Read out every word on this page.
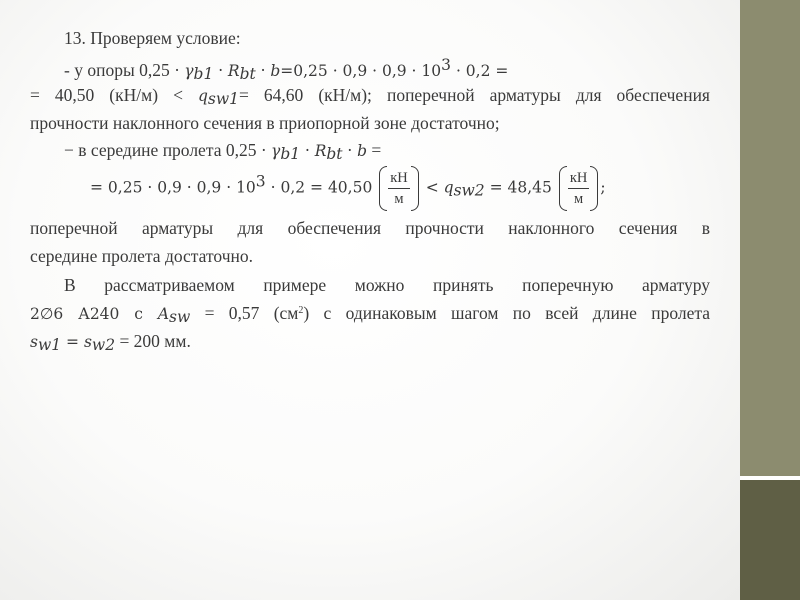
13. Проверяем условие:
- у опоры $0,25 \cdot \gamma_{b1} \cdot R_{bt} \cdot b=0,25 \cdot 0,9 \cdot 0,9 \cdot 10^3 \cdot 0,2$ =
= 40,50 $(кН/м) < q_{sw1}= 64,60$ (кН/м); поперечной арматуры для обеспечения
прочности наклонного сечения в приопорной зоне достаточно;
− в середине пролета $0,25 \cdot \gamma_{b1} \cdot R_{bt} \cdot b$ =
= $0,25 \cdot 0,9 \cdot 0,9 \cdot 10^3 \cdot 0,2 = 40,50 \frac{кН}{м} < q_{sw2} = 48,45 \frac{кН}{м}$ ;
поперечной арматуры для обеспечения прочности наклонного сечения в
середине пролета достаточно.
В рассматриваемом примере можно принять поперечную арматуру
2∅6 А240 с $A_{sw} = 0,57$ $(см^2)$ с одинаковым шагом по всей длине пролета
$s_{w1} = s_{w2} = 200$ мм.
